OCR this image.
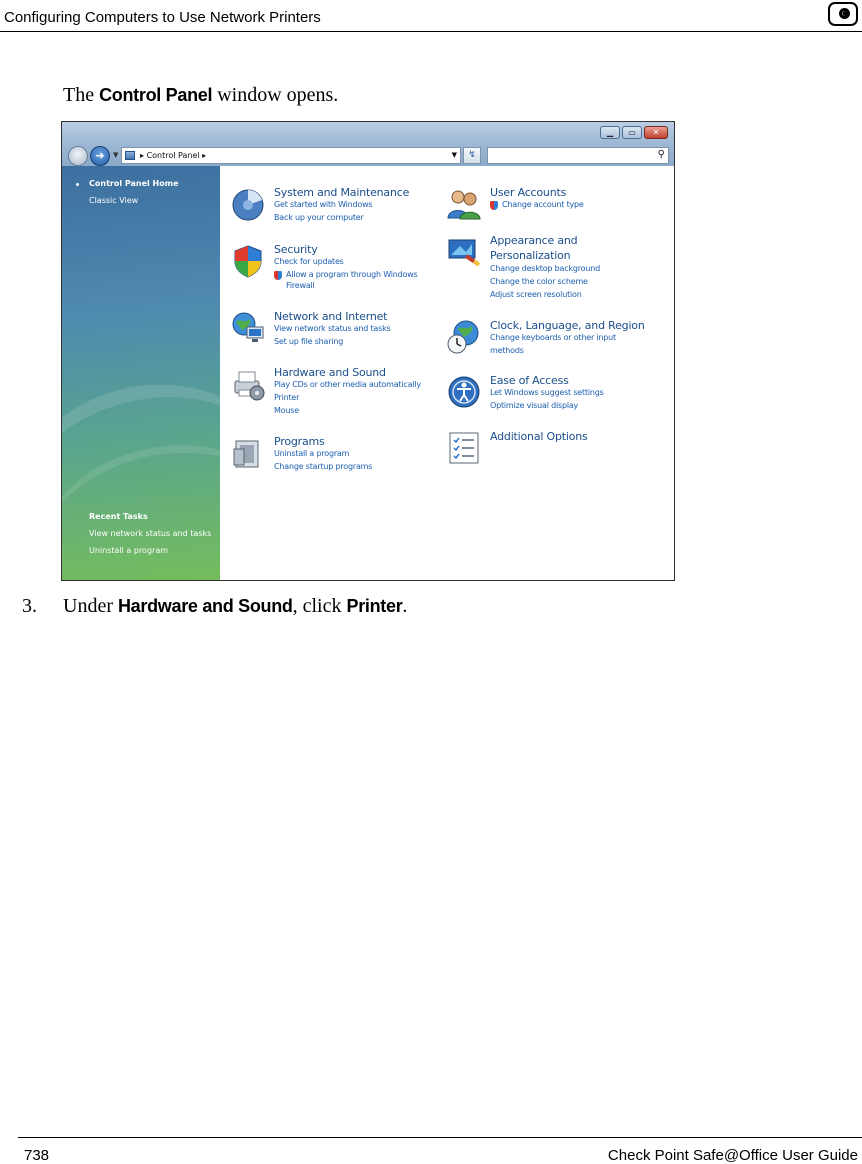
Configuring Computers to Use Network Printers
The Control Panel window opens.
▁	▭	✕
➜	▼	▸ Control Panel ▸	▼	↯	⚲
Control Panel Home
Classic View
Recent Tasks
View network status and tasks
Uninstall a program
System and Maintenance
Get started with Windows
Back up your computer
Security
Check for updates
Allow a program through Windows
Firewall
Network and Internet
View network status and tasks
Set up file sharing
Hardware and Sound
Play CDs or other media automatically
Printer
Mouse
Programs
Uninstall a program
Change startup programs
User Accounts
Change account type
Appearance and
Personalization
Change desktop background
Change the color scheme
Adjust screen resolution
Clock, Language, and Region
Change keyboards or other input
methods
Ease of Access
Let Windows suggest settings
Optimize visual display
Additional Options
3. Under Hardware and Sound, click Printer.
738	Check Point Safe@Office User Guide
